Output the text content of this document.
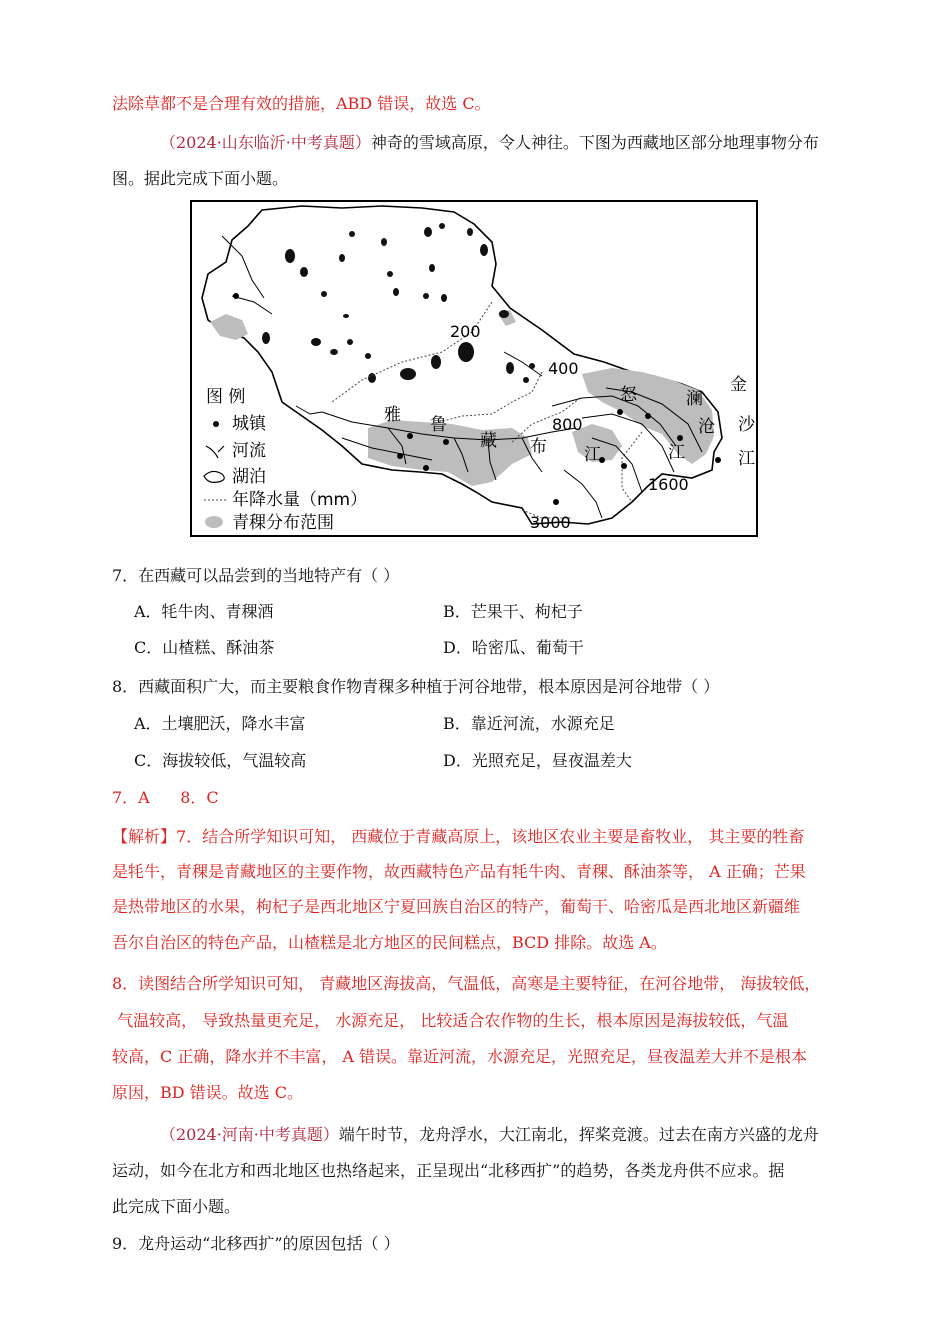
法除草都不是合理有效的措施，ABD 错误，故选 C。
（2024·山东临沂·中考真题）神奇的雪域高原，令人神往。下图为西藏地区部分地理事物分布
图。据此完成下面小题。
图 例
城镇
河流
湖泊
年降水量（mm）
青稞分布范围
200
400
800
1600
3000
雅 鲁
藏 布 江
怒	澜
沧
江
金
沙
江
7．在西藏可以品尝到的当地特产有（ ）
A．牦牛肉、青稞酒	B．芒果干、枸杞子
C．山楂糕、酥油茶	D．哈密瓜、葡萄干
8．西藏面积广大，而主要粮食作物青稞多种植于河谷地带，根本原因是河谷地带（ ）
A．土壤肥沃，降水丰富	B．靠近河流，水源充足
C．海拔较低，气温较高	D．光照充足，昼夜温差大
7．A      8．C
【解析】7．结合所学知识可知， 西藏位于青藏高原上，该地区农业主要是畜牧业， 其主要的牲畜
是牦牛，青稞是青藏地区的主要作物，故西藏特色产品有牦牛肉、青稞、酥油茶等， A 正确；芒果
是热带地区的水果，枸杞子是西北地区宁夏回族自治区的特产，葡萄干、哈密瓜是西北地区新疆维
吾尔自治区的特色产品，山楂糕是北方地区的民间糕点，BCD 排除。故选 A。
8．读图结合所学知识可知， 青藏地区海拔高，气温低，高寒是主要特征，在河谷地带， 海拔较低，
气温较高， 导致热量更充足， 水源充足， 比较适合农作物的生长，根本原因是海拔较低，气温
较高，C 正确，降水并不丰富， A 错误。靠近河流，水源充足，光照充足，昼夜温差大并不是根本
原因，BD 错误。故选 C。
（2024·河南·中考真题）端午时节，龙舟浮水，大江南北，挥桨竞渡。过去在南方兴盛的龙舟
运动，如今在北方和西北地区也热络起来，正呈现出“北移西扩”的趋势，各类龙舟供不应求。据
此完成下面小题。
9．龙舟运动“北移西扩”的原因包括（ ）
